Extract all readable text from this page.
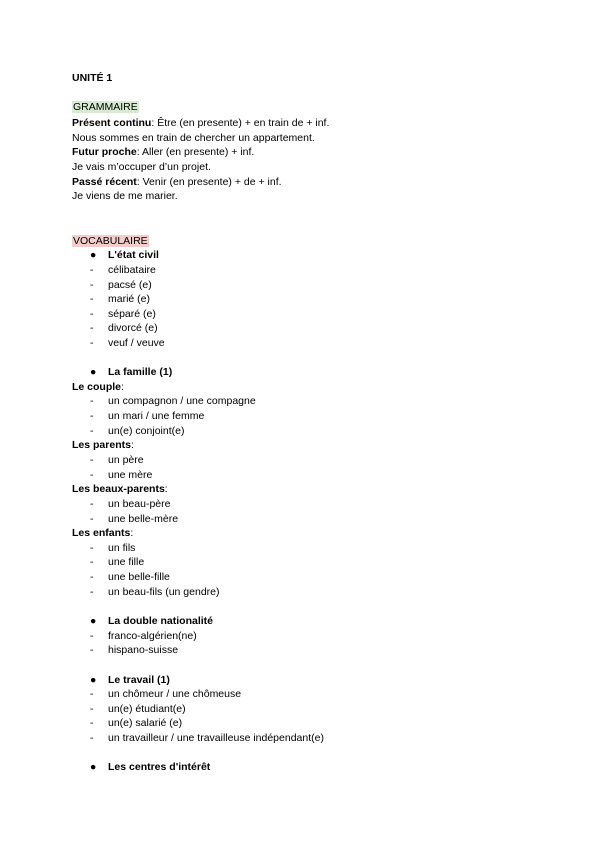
UNITÉ 1
GRAMMAIRE
Présent continu: Être (en presente) + en train de + inf.
Nous sommes en train de chercher un appartement.
Futur proche: Aller (en presente) + inf.
Je vais m’occuper d’un projet.
Passé récent: Venir (en presente) + de + inf.
Je viens de me marier.
VOCABULAIRE
● L'état civil
- célibataire
- pacsé (e)
- marié (e)
- séparé (e)
- divorcé (e)
- veuf / veuve
● La famille (1)
Le couple:
- un compagnon / une compagne
- un mari / une femme
- un(e) conjoint(e)
Les parents:
- un père
- une mère
Les beaux-parents:
- un beau-père
- une belle-mère
Les enfants:
- un fils
- une fille
- une belle-fille
- un beau-fils (un gendre)
● La double nationalité
- franco-algérien(ne)
- hispano-suisse
● Le travail (1)
- un chômeur / une chômeuse
- un(e) étudiant(e)
- un(e) salarié (e)
- un travailleur / une travailleuse indépendant(e)
● Les centres d'intérêt
